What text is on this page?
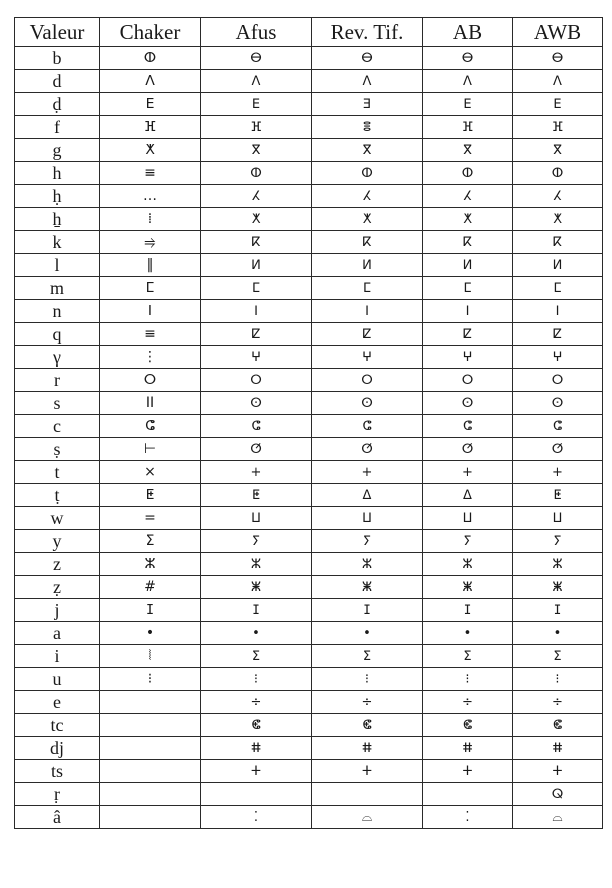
Valeur	Chaker	Afus	Rev. Tif.	AB	AWB
b	ⵀ	ⴱ	ⴱ	ⴱ	ⴱ
d	ⴷ	ⴷ	ⴷ	ⴷ	ⴷ
ḍ	ⴹ	ⴹ	ⴺ	ⴹ	ⴹ
f	ⴼ	ⴼ	ⴻ	ⴼ	ⴼ
g	ⵅ	ⴳ	ⴳ	ⴳ	ⴳ
h	≡	ⵀ	ⵀ	ⵀ	ⵀ
ḥ	…	ⵃ	ⵃ	ⵃ	ⵃ
ẖ	⁞	ⵅ	ⵅ	ⵅ	ⵅ
k	⥤	ⴽ	ⴽ	ⴽ	ⴽ
l	‖	ⵍ	ⵍ	ⵍ	ⵍ
m	ⵎ	ⵎ	ⵎ	ⵎ	ⵎ
n	ⵏ	ⵏ	ⵏ	ⵏ	ⵏ
q	≡	ⵇ	ⵇ	ⵇ	ⵇ
γ	⋮	ⵖ	ⵖ	ⵖ	ⵖ
r	ⵔ	ⵔ	ⵔ	ⵔ	ⵔ
s	II	ⵙ	ⵙ	ⵙ	ⵙ
c	ⵛ	ⵛ	ⵛ	ⵛ	ⵛ
ṣ	⊢	ⵚ	ⵚ	ⵚ	ⵚ
t	×	+	+	+	+
ṭ	ⵟ	ⵟ	ⵠ	ⵠ	ⵟ
w	=	ⵡ	ⵡ	ⵡ	ⵡ
y	Σ	ⵢ	ⵢ	ⵢ	ⵢ
z	ⵣ	ⵣ	ⵣ	ⵣ	ⵣ
ẓ	#	ⵥ	ⵥ	ⵥ	ⵥ
j	ⵊ	ⵊ	ⵊ	ⵊ	ⵊ
a	•	•	•	•	•
i	⦚	ⵉ	ⵉ	ⵉ	ⵉ
u	⁝	⁝	⁝	⁝	⁝
e		÷	÷	÷	÷
tc		ⵞ	ⵞ	ⵞ	ⵞ
dj		ⵌ	ⵌ	ⵌ	ⵌ
ts		ⵜ	ⵜ	ⵜ	ⵜ
ṛ					ⵕ
â		⁚	⌓	⁚	⌓
